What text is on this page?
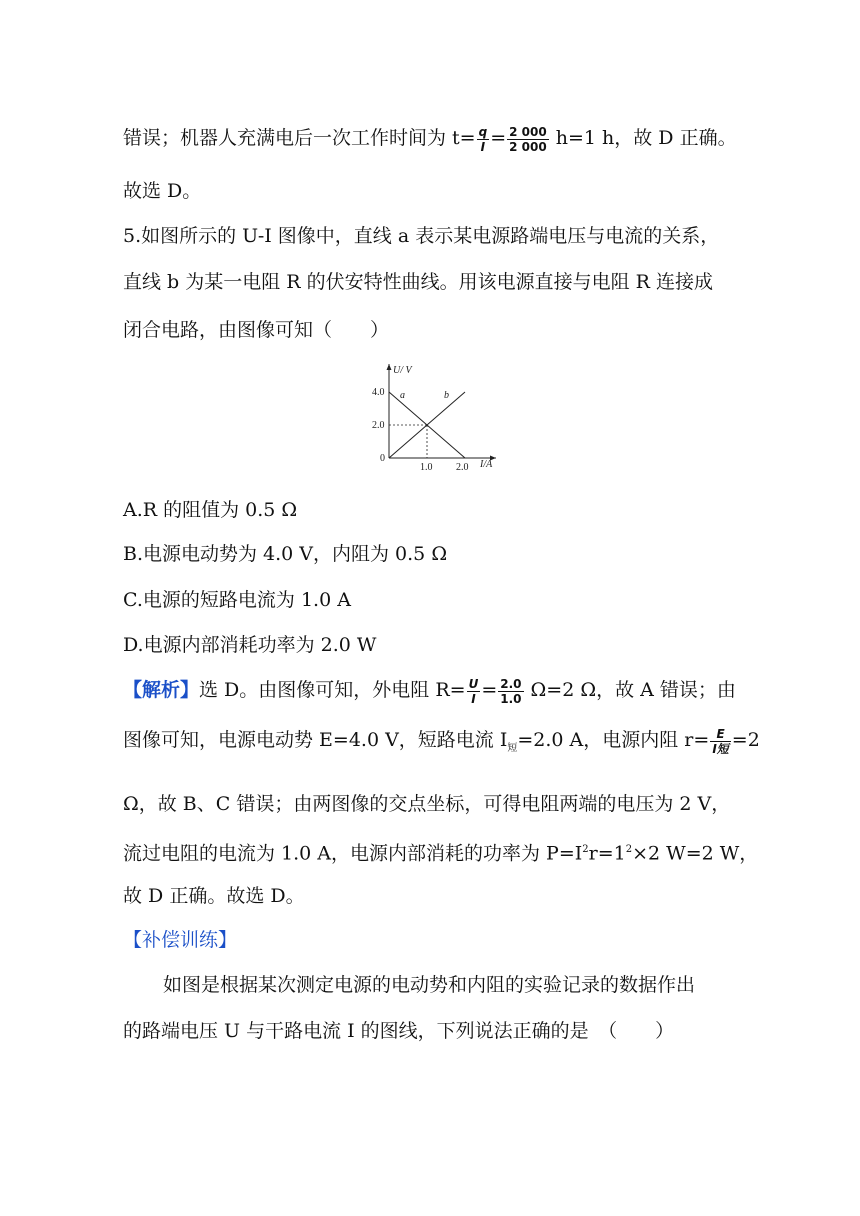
错误；机器人充满电后一次工作时间为 $t= \frac{q}{I} = \frac{2 000}{2 000} h=1$ h，故 D 正确。
故选 D。
5.如图所示的 U-I 图像中，直线 a 表示某电源路端电压与电流的关系，
直线 b 为某一电阻 R 的伏安特性曲线。用该电源直接与电阻 R 连接成
闭合电路，由图像可知（　　）
U/ V
I/A
4.0
2.0
0
1.0 2.0
a	b
A.R 的阻值为 0.5 Ω
B.电源电动势为 4.0 V，内阻为 0.5 Ω
C.电源的短路电流为 1.0 A
D.电源内部消耗功率为 2.0 W
【解析】选 D。由图像可知，外电阻 $R= \frac{U}{I} = \frac{2.0}{1.0} \Omega=2$ Ω，故 A 错误；由
图像可知，电源电动势 E=4.0 V，短路电流 $I_短=2.0$ A，电源内阻 $r= \frac{E}{\text{I短}} =2$
Ω，故 B、C 错误；由两图像的交点坐标，可得电阻两端的电压为 2 V，
流过电阻的电流为 1.0 A，电源内部消耗的功率为 $P=I^2r=1^2\times 2$ W=2 W，
故 D 正确。故选 D。
【补偿训练】
如图是根据某次测定电源的电动势和内阻的实验记录的数据作出
的路端电压 U 与干路电流 I 的图线，下列说法正确的是　（　　）
